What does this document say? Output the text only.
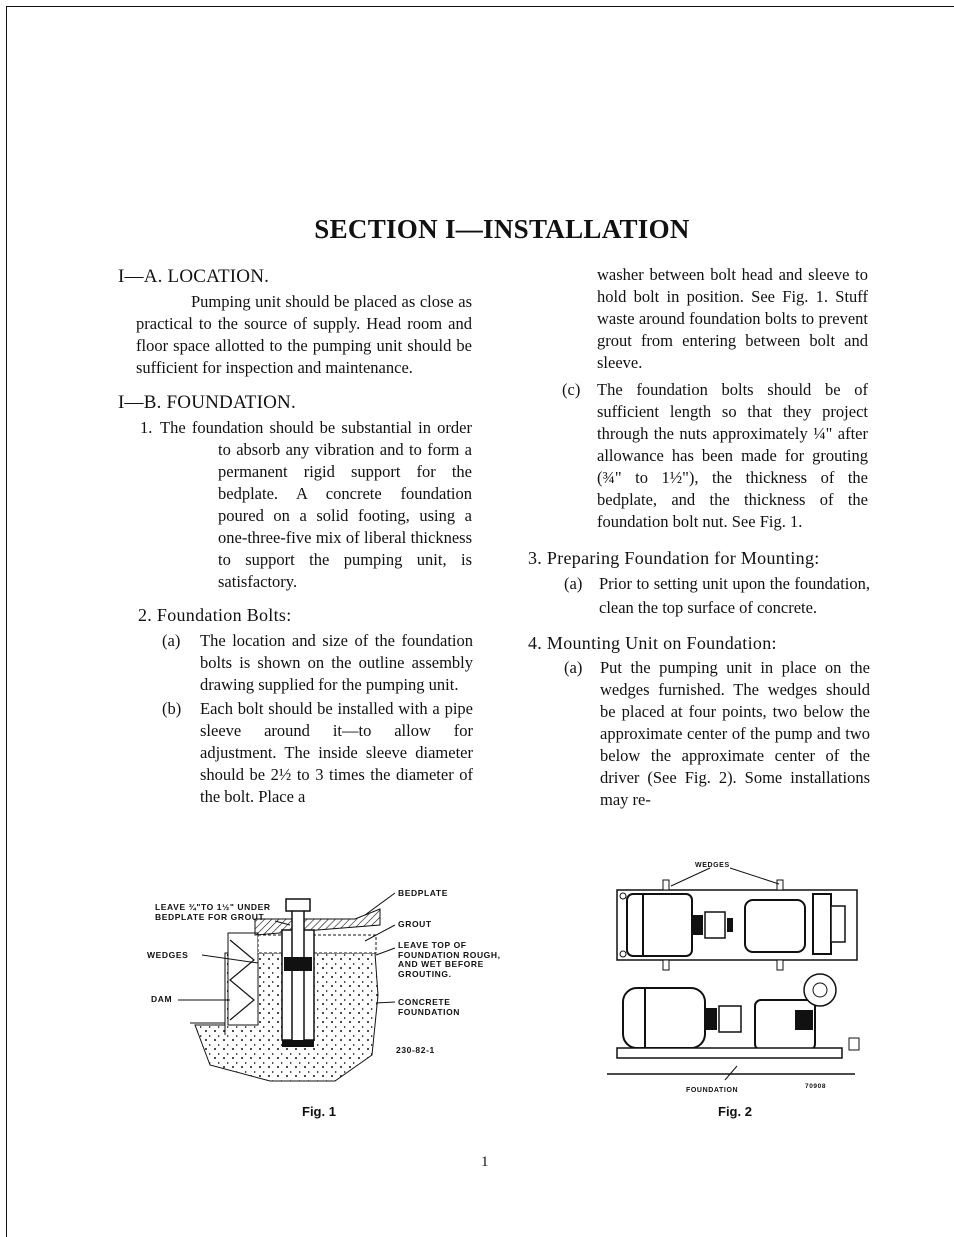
SECTION I—INSTALLATION
I—A. LOCATION.

Pumping unit should be placed as close as practical to the source of supply. Head room and floor space allotted to the pumping unit should be sufficient for inspection and maintenance.

I—B. FOUNDATION.
1. The foundation should be substantial in order to absorb any vibration and to form a permanent rigid support for the bedplate. A concrete foundation poured on a solid footing, using a one-three-five mix of liberal thickness to support the pumping unit, is satisfactory.
2. Foundation Bolts:
(a)	The location and size of the foundation bolts is shown on the outline assembly drawing supplied for the pumping unit.
(b)	Each bolt should be installed with a pipe sleeve around it—to allow for adjustment. The inside sleeve diameter should be 2½ to 3 times the diameter of the bolt. Place a

washer between bolt head and sleeve to hold bolt in position. See Fig. 1. Stuff waste around foundation bolts to prevent grout from entering between bolt and sleeve.

(c)	The foundation bolts should be of sufficient length so that they project through the nuts approximately ¼" after allowance has been made for grouting (¾" to 1½"), the thickness of the bedplate, and the thickness of the foundation bolt nut. See Fig. 1.
3. Preparing Foundation for Mounting:
(a)	Prior to setting unit upon the foundation, clean the top surface of concrete.
4. Mounting Unit on Foundation:
(a)	Put the pumping unit in place on the wedges furnished. The wedges should be placed at four points, two below the approximate center of the pump and two below the approximate center of the driver (See Fig. 2). Some installations may re-
LEAVE ¾"TO 1½" UNDER
BEDPLATE FOR GROUT
BEDPLATE
GROUT
LEAVE TOP OF
FOUNDATION ROUGH,
AND WET BEFORE
GROUTING.
WEDGES
DAM	CONCRETE
FOUNDATION
230-82-1
Fig. 1
WEDGES
FOUNDATION
70908
Fig. 2
1
